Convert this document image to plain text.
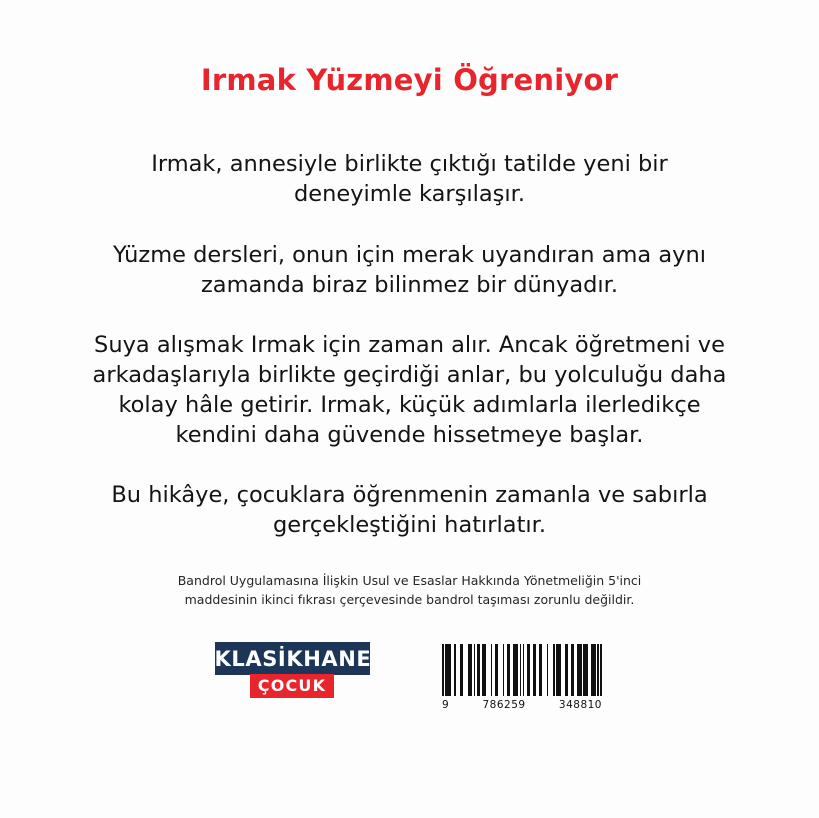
Irmak Yüzmeyi Öğreniyor

Irmak, annesiyle birlikte çıktığı tatilde yeni bir deneyimle karşılaşır.

Yüzme dersleri, onun için merak uyandıran ama aynı zamanda biraz bilinmez bir dünyadır.

Suya alışmak Irmak için zaman alır. Ancak öğretmeni ve arkadaşlarıyla birlikte geçirdiği anlar, bu yolculuğu daha kolay hâle getirir. Irmak, küçük adımlarla ilerledikçe kendini daha güvende hissetmeye başlar.

Bu hikâye, çocuklara öğrenmenin zamanla ve sabırla gerçekleştiğini hatırlatır.

Bandrol Uygulamasına İlişkin Usul ve Esaslar Hakkında Yönetmeliğin 5'inci maddesinin ikinci fıkrası çerçevesinde bandrol taşıması zorunlu değildir.
KLASİKHANE
ÇOCUK
9	786259	348810
